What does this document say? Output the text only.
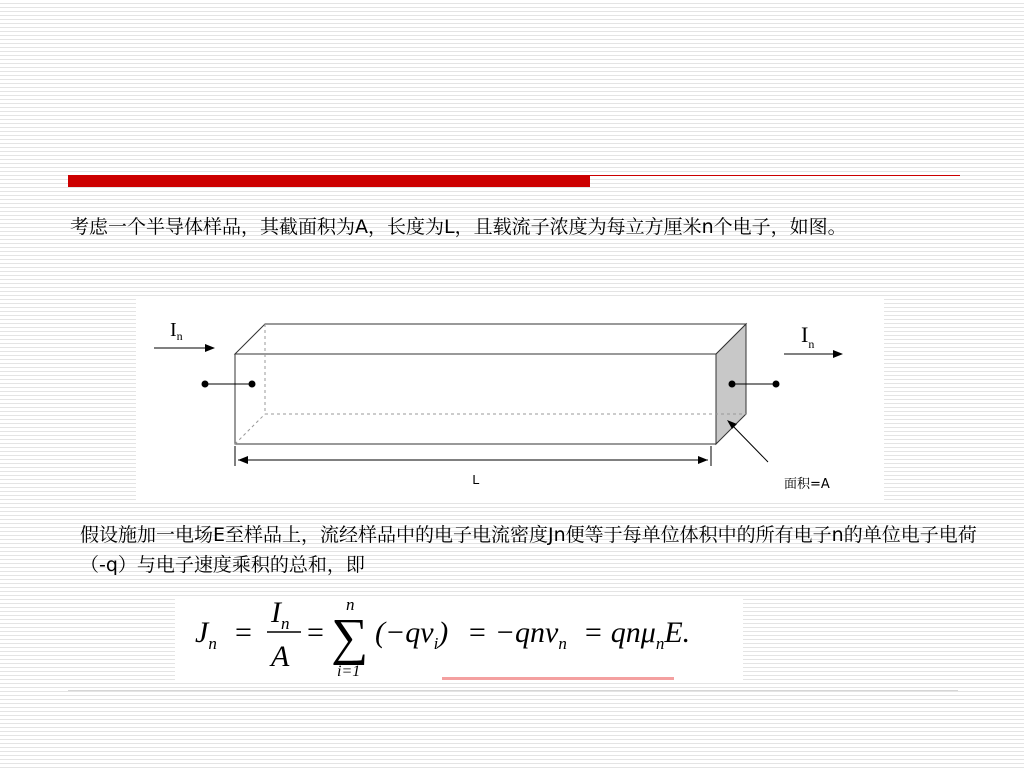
考虑一个半导体样品，其截面积为A，长度为L，且载流子浓度为每立方厘米n个电子，如图。

$I_n$	$I_n$
L	面积=A

假设施加一电场E至样品上，流经样品中的电子电流密度Jn便等于每单位体积中的所有电子n的单位电子电荷（-q）与电子速度乘积的总和，即

$J_n$ =
$I_n$
A
=
n
∑
i=1
$(-qv_i) = -qnv_n = qn\mu_nE$.
